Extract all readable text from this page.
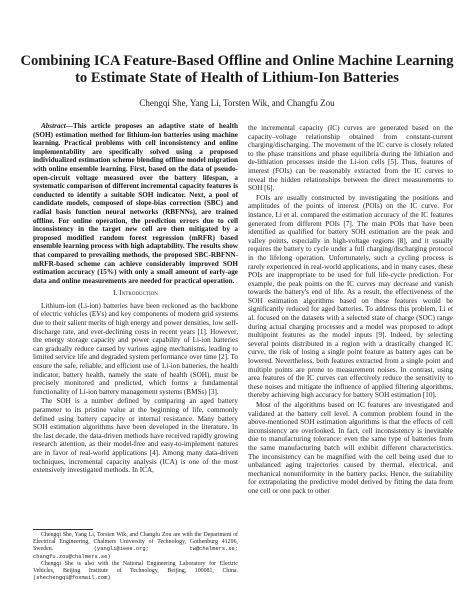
Combining ICA Feature-Based Offline and Online Machine Learning to Estimate State of Health of Lithium-Ion Batteries
Chengqi She, Yang Li, Torsten Wik, and Changfu Zou

Abstract—This article proposes an adaptive state of health (SOH) estimation method for lithium-ion batteries using machine learning. Practical problems with cell inconsistency and online implementability are specifically solved using a proposed individualized estimation scheme blending offline model migration with online ensemble learning. First, based on the data of pseudo-open-circuit voltage measured over the battery lifespan, a systematic comparison of different incremental capacity features is conducted to identify a suitable SOH indicator. Next, a pool of candidate models, composed of slope-bias correction (SBC) and radial basis function neural networks (RBFNNs), are trained offline. For online operation, the prediction errors due to cell inconsistency in the target new cell are then mitigated by a proposed modified random forest regression (mRFR) based ensemble learning process with high adaptability. The results show that compared to prevailing methods, the proposed SBC-RBFNN-mRFR-based scheme can achieve considerably improved SOH estimation accuracy (15%) with only a small amount of early-age data and online measurements are needed for practical operation.

I. Introduction

Lithium-ion (Li-ion) batteries have been reckoned as the backbone of electric vehicles (EVs) and key components of modern grid systems due to their salient merits of high energy and power densities, low self-discharge rate, and ever-declining costs in recent years [1]. However, the energy storage capacity and power capability of Li-ion batteries can gradually reduce caused by various aging mechanisms, leading to limited service life and degraded system performance over time [2]. To ensure the safe, reliable, and efficient use of Li-ion batteries, the health indicator, battery health, namely the state of health (SOH), must be precisely monitored and predicted, which forms a fundamental functionality of Li-ion battery management systems (BMSs) [3].

The SOH is a number defined by comparing an aged battery parameter to its pristine value at the beginning of life, commonly defined using battery capacity or internal resistance. Many battery SOH estimation algorithms have been developed in the literature. In the last decade, the data-driven methods have received rapidly growing research attention, as their model-free and easy-to-implement natures are in favor of real-world applications [4]. Among many data-driven techniques, incremental capacity analysis (ICA) is one of the most extensively investigated methods. In ICA,

Chengqi She, Yang Li, Torsten Wik, and Changfu Zou are with the Department of Electrical Engineering, Chalmers University of Technology, Gothenburg 41296, Sweden.	(yangli@ieee.org;	tw@chalmers.se; changfu.zou@chalmers.se)

Chengqi She is also with the National Engineering Laboratory for Electric Vehicles, Beijing Institute of Technology, Beijing, 100081, China. (shechengqi@foxmail.com)

the incremental capacity (IC) curves are generated based on the capacity–voltage relationship obtained from constant-current charging/discharging. The movement of the IC curve is closely related to the phase transitions and phase equilibria during the lithiation and de-lithiation processes inside the Li-ion cells [5]. Thus, features of interest (FOIs) can be reasonably extracted from the IC curves to reveal the hidden relationships between the direct measurements to SOH [6].

FOIs are usually constructed by investigating the positions and amplitudes of the points of interest (POIs) on the IC curve. For instance, Li et al. compared the estimation accuracy of the IC features generated from different POIs [7]. The main POIs that have been identified as qualified for battery SOH estimation are the peak and valley points, especially in high-voltage regions [8], and it usually requires the battery to cycle under a full charging/discharging protocol in the lifelong operation. Unfortunately, such a cycling process is rarely experienced in real-world applications, and in many cases, these POIs are inappropriate to be used for full life-cycle prediction. For example, the peak points on the IC curves may decrease and vanish towards the battery's end of life. As a result, the effectiveness of the SOH estimation algorithms based on these features would be significantly reduced for aged batteries. To address this problem, Li et al. focused on the datasets with a selected state of charge (SOC) range during actual charging processes and a model was proposed to adopt multipoint features as the model inputs [9]. Indeed, by selecting several points distributed in a region with a drastically changed IC curve, the risk of losing a single point feature as battery ages can be lowered. Nevertheless, both features extracted from a single point and multiple points are prone to measurement noises. In contrast, using area features of the IC curves can effectively reduce the sensitivity to these noises and mitigate the influence of applied filtering algorithms, thereby achieving high accuracy for battery SOH estimation [10].

Most of the algorithms based on IC features are investigated and validated at the battery cell level. A common problem found in the above-mentioned SOH estimation algorithms is that the effects of cell inconsistency are overlooked. In fact, cell inconsistency is inevitable due to manufacturing tolerance: even the same type of batteries from the same manufacturing batch will exhibit different characteristics. The inconsistency can be magnified with the cell being used due to unbalanced aging trajectories caused by thermal, electrical, and mechanical nonuniformity in the battery packs. Hence, the suitability for extrapolating the predictive model derived by fitting the data from one cell or one pack to other
